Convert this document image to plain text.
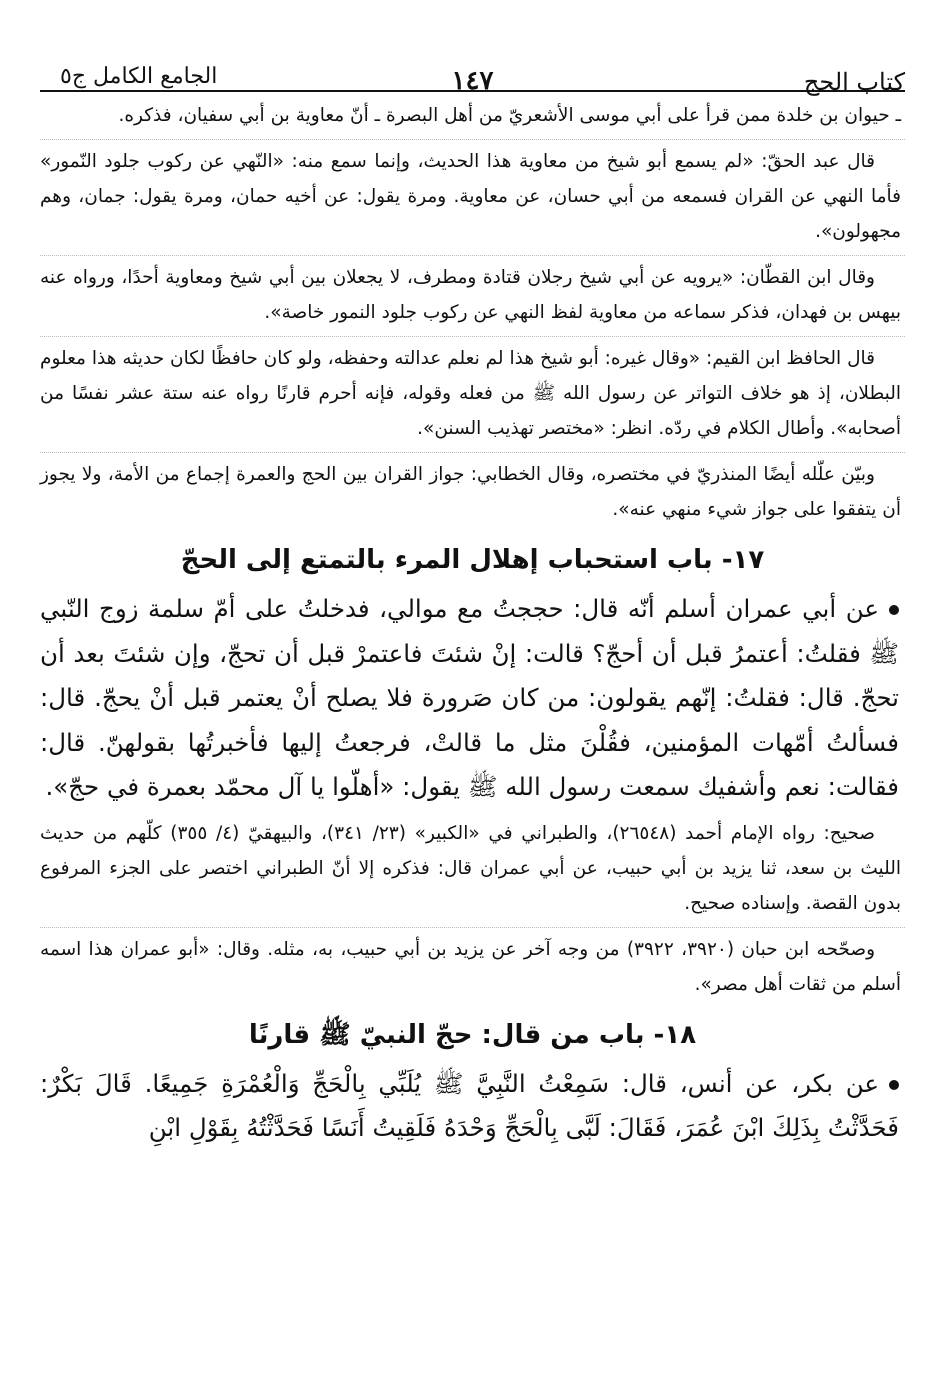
كتاب الحج
١٤٧
الجامع الكامل ج٥

ـ حيوان بن خلدة ممن قرأ على أبي موسى الأشعريّ من أهل البصرة ـ أنّ معاوية بن أبي سفيان، فذكره.

قال عبد الحقّ: «لم يسمع أبو شيخ من معاوية هذا الحديث، وإنما سمع منه: «النّهي عن ركوب جلود النّمور» فأما النهي عن القران فسمعه من أبي حسان، عن معاوية. ومرة يقول: عن أخيه حمان، ومرة يقول: جمان، وهم مجهولون».

وقال ابن القطّان: «يرويه عن أبي شيخ رجلان قتادة ومطرف، لا يجعلان بين أبي شيخ ومعاوية أحدًا، ورواه عنه بيهس بن فهدان، فذكر سماعه من معاوية لفظ النهي عن ركوب جلود النمور خاصة».

قال الحافظ ابن القيم: «وقال غيره: أبو شيخ هذا لم نعلم عدالته وحفظه، ولو كان حافظًا لكان حديثه هذا معلوم البطلان، إذ هو خلاف التواتر عن رسول الله ﷺ من فعله وقوله، فإنه أحرم قارنًا رواه عنه ستة عشر نفسًا من أصحابه». وأطال الكلام في ردّه. انظر: «مختصر تهذيب السنن».

وبيّن علّله أيضًا المنذريّ في مختصره، وقال الخطابي: جواز القران بين الحج والعمرة إجماع من الأمة، ولا يجوز أن يتفقوا على جواز شيء منهي عنه».

١٧- باب استحباب إهلال المرء بالتمتع إلى الحجّ

عن أبي عمران أسلم أنّه قال: حججتُ مع موالي، فدخلتُ على أمّ سلمة زوج النّبي ﷺ فقلتُ: أعتمرُ قبل أن أحجّ؟ قالت: إنْ شئتَ فاعتمرْ قبل أن تحجّ، وإن شئتَ بعد أن تحجّ. قال: فقلتُ: إنّهم يقولون: من كان صَرورة فلا يصلح أنْ يعتمر قبل أنْ يحجّ. قال: فسألتُ أمّهات المؤمنين، فقُلْنَ مثل ما قالتْ، فرجعتُ إليها فأخبرتُها بقولهنّ. قال: فقالت: نعم وأشفيك سمعت رسول الله ﷺ يقول: «أهلّوا يا آل محمّد بعمرة في حجّ».

صحيح: رواه الإمام أحمد (٢٦٥٤٨)، والطبراني في «الكبير» (٢٣/ ٣٤١)، والبيهقيّ (٤/ ٣٥٥) كلّهم من حديث الليث بن سعد، ثنا يزيد بن أبي حبيب، عن أبي عمران قال: فذكره إلا أنّ الطبراني اختصر على الجزء المرفوع بدون القصة. وإسناده صحيح.

وصحّحه ابن حبان (٣٩٢٠، ٣٩٢٢) من وجه آخر عن يزيد بن أبي حبيب، به، مثله. وقال: «أبو عمران هذا اسمه أسلم من ثقات أهل مصر».

١٨- باب من قال: حجّ النبيّ ﷺ قارنًا

عن بكر، عن أنس، قال: سَمِعْتُ النَّبِيَّ ﷺ يُلَبِّي بِالْحَجِّ وَالْعُمْرَةِ جَمِيعًا. قَالَ بَكْرٌ: فَحَدَّثْتُ بِذَلِكَ ابْنَ عُمَرَ، فَقَالَ: لَبَّى بِالْحَجِّ وَحْدَهُ فَلَقِيتُ أَنَسًا فَحَدَّثْتُهُ بِقَوْلِ ابْنِ
